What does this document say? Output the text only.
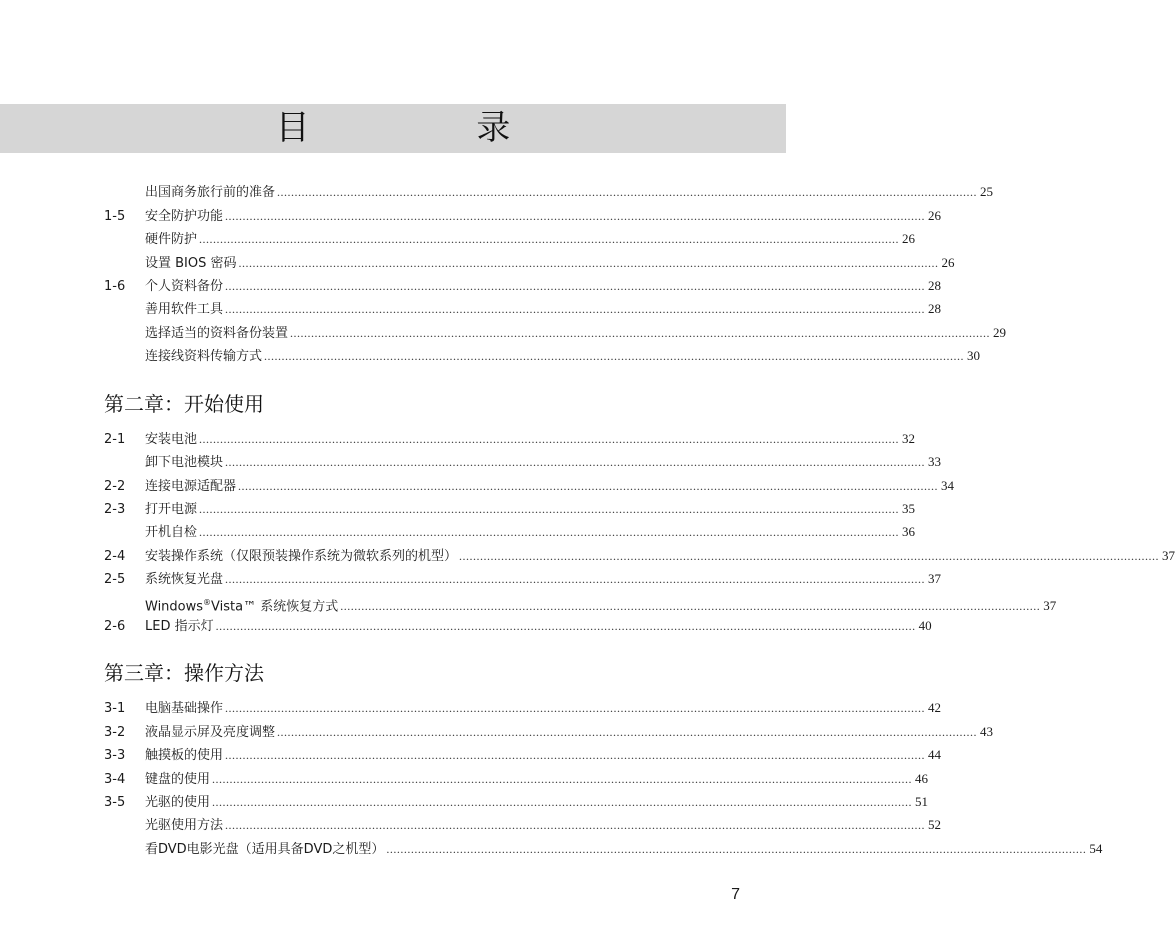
目 录
出国商务旅行前的准备 ........................................................................................................................................................................................................ 25
1-5	安全防护功能 ........................................................................................................................................................................................................ 26
硬件防护 ........................................................................................................................................................................................................ 26
设置 BIOS 密码 ........................................................................................................................................................................................................ 26
1-6	个人资料备份 ........................................................................................................................................................................................................ 28
善用软件工具 ........................................................................................................................................................................................................ 28
选择适当的资料备份装置 ........................................................................................................................................................................................................ 29
连接线资料传输方式 ........................................................................................................................................................................................................ 30
第二章：开始使用
2-1	安装电池 ........................................................................................................................................................................................................ 32
卸下电池模块 ........................................................................................................................................................................................................ 33
2-2	连接电源适配器 ........................................................................................................................................................................................................ 34
2-3	打开电源 ........................................................................................................................................................................................................ 35
开机自检 ........................................................................................................................................................................................................ 36
2-4	安装操作系统（仅限预装操作系统为微软系列的机型） ........................................................................................................................................................................................................ 37
2-5	系统恢复光盘 ........................................................................................................................................................................................................ 37
Windows®Vista™ 系统恢复方式 ........................................................................................................................................................................................................ 37
2-6	LED 指示灯 ........................................................................................................................................................................................................ 40
第三章：操作方法
3-1	电脑基础操作 ........................................................................................................................................................................................................ 42
3-2	液晶显示屏及亮度调整 ........................................................................................................................................................................................................ 43
3-3	触摸板的使用 ........................................................................................................................................................................................................ 44
3-4	键盘的使用 ........................................................................................................................................................................................................ 46
3-5	光驱的使用 ........................................................................................................................................................................................................ 51
光驱使用方法 ........................................................................................................................................................................................................ 52
看DVD电影光盘（适用具备DVD之机型） ........................................................................................................................................................................................................ 54
7
